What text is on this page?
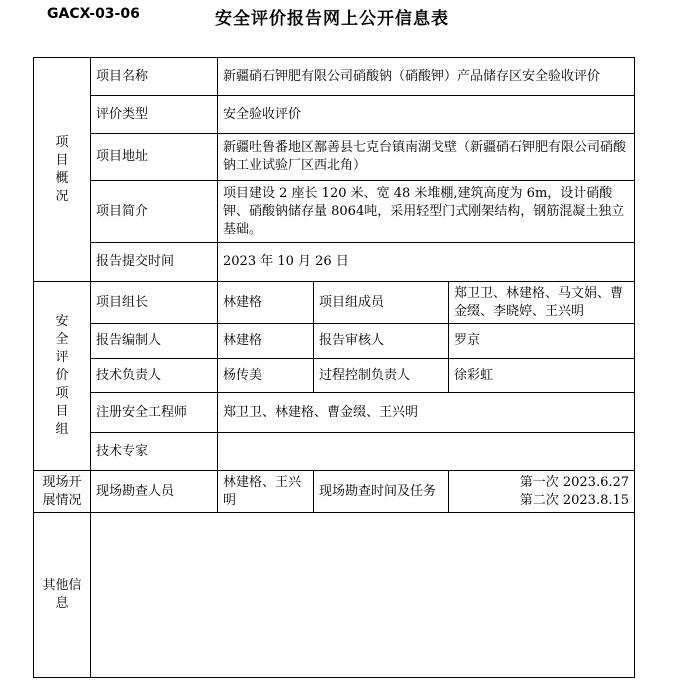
GACX-03-06	安全评价报告网上公开信息表
项目概况	项目名称	新疆硝石钾肥有限公司硝酸钠（硝酸钾）产品储存区安全验收评价		
	评价类型	安全验收评价		
	项目地址	新疆吐鲁番地区鄯善县七克台镇南湖戈壁（新疆硝石钾肥有限公司硝酸钠工业试验厂区西北角）		
	项目简介	项目建设 2 座长 120 米、宽 48 米堆棚,建筑高度为 6m，设计硝酸钾、硝酸钠储存量 8064吨，采用轻型门式刚架结构，钢筋混凝土独立基础。		
	报告提交时间	2023 年 10 月 26 日		

安全评价项目组	项目组长	林建格	项目组成员	郑卫卫、林建格、马文娟、曹金缀、李晓婷、王兴明
	报告编制人	林建格	报告审核人	罗京
	技术负责人	杨传美	过程控制负责人	徐彩虹
	注册安全工程师	郑卫卫、林建格、曹金缀、王兴明		
	技术专家			
现场开展情况	现场勘查人员	林建格、王兴明	现场勘查时间及任务	第一次 2023.6.27
第二次 2023.8.15

其他信息				
